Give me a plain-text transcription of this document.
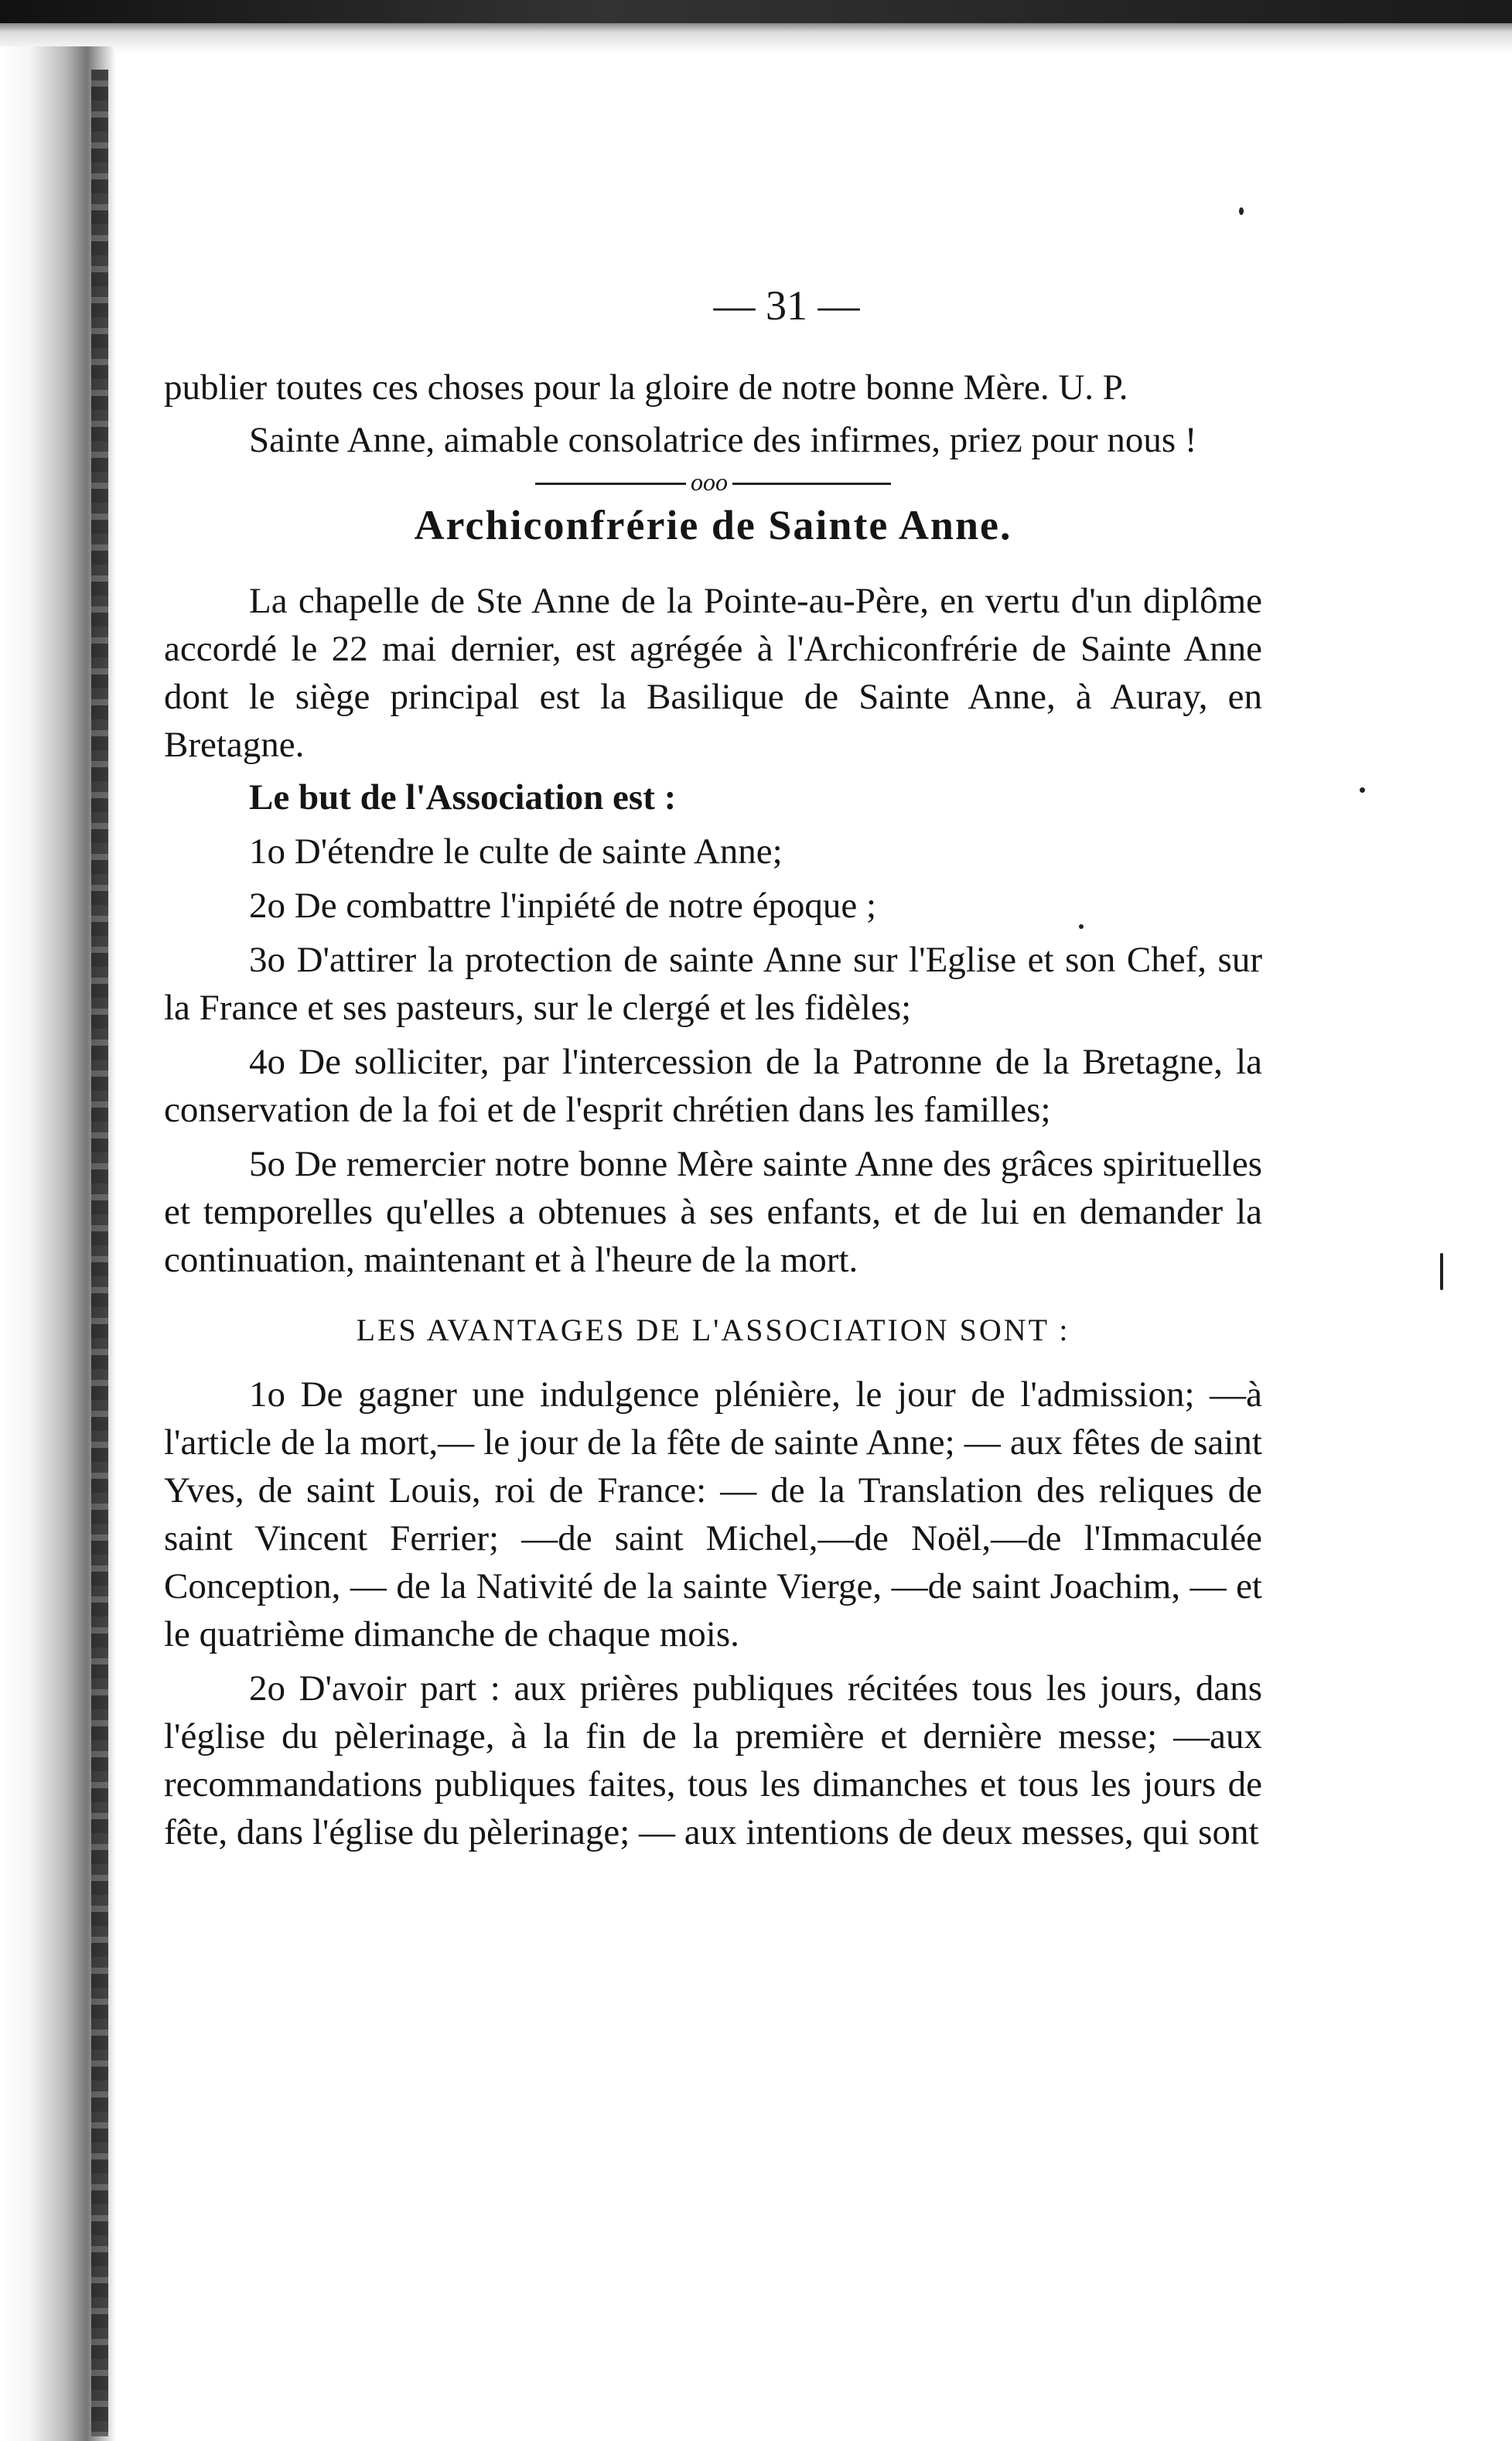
— 31 —

publier toutes ces choses pour la gloire de notre bonne Mère. U. P.

Sainte Anne, aimable consolatrice des infirmes, priez pour nous !

ooo
Archiconfrérie de Sainte Anne.

La chapelle de Ste Anne de la Pointe-au-Père, en vertu d'un diplôme accordé le 22 mai dernier, est agrégée à l'Archiconfrérie de Sainte Anne dont le siège principal est la Basilique de Sainte Anne, à Auray, en Bretagne.

Le but de l'Association est :

1o D'étendre le culte de sainte Anne;

2o De combattre l'inpiété de notre époque ;

3o D'attirer la protection de sainte Anne sur l'Eglise et son Chef, sur la France et ses pasteurs, sur le clergé et les fidèles;

4o De solliciter, par l'intercession de la Patronne de la Bretagne, la conservation de la foi et de l'esprit chrétien dans les familles;

5o De remercier notre bonne Mère sainte Anne des grâces spirituelles et temporelles qu'elles a obtenues à ses enfants, et de lui en demander la continuation, maintenant et à l'heure de la mort.

LES AVANTAGES DE L'ASSOCIATION SONT :

1o De gagner une indulgence plénière, le jour de l'admission; —à l'article de la mort,— le jour de la fête de sainte Anne; — aux fêtes de saint Yves, de saint Louis, roi de France: — de la Translation des reliques de saint Vincent Ferrier; —de saint Michel,—de Noël,—de l'Immaculée Conception, — de la Nativité de la sainte Vierge, —de saint Joachim, — et le quatrième dimanche de chaque mois.

2o D'avoir part : aux prières publiques récitées tous les jours, dans l'église du pèlerinage, à la fin de la première et dernière messe; —aux recommandations publiques faites, tous les dimanches et tous les jours de fête, dans l'église du pèlerinage; — aux intentions de deux messes, qui sont
